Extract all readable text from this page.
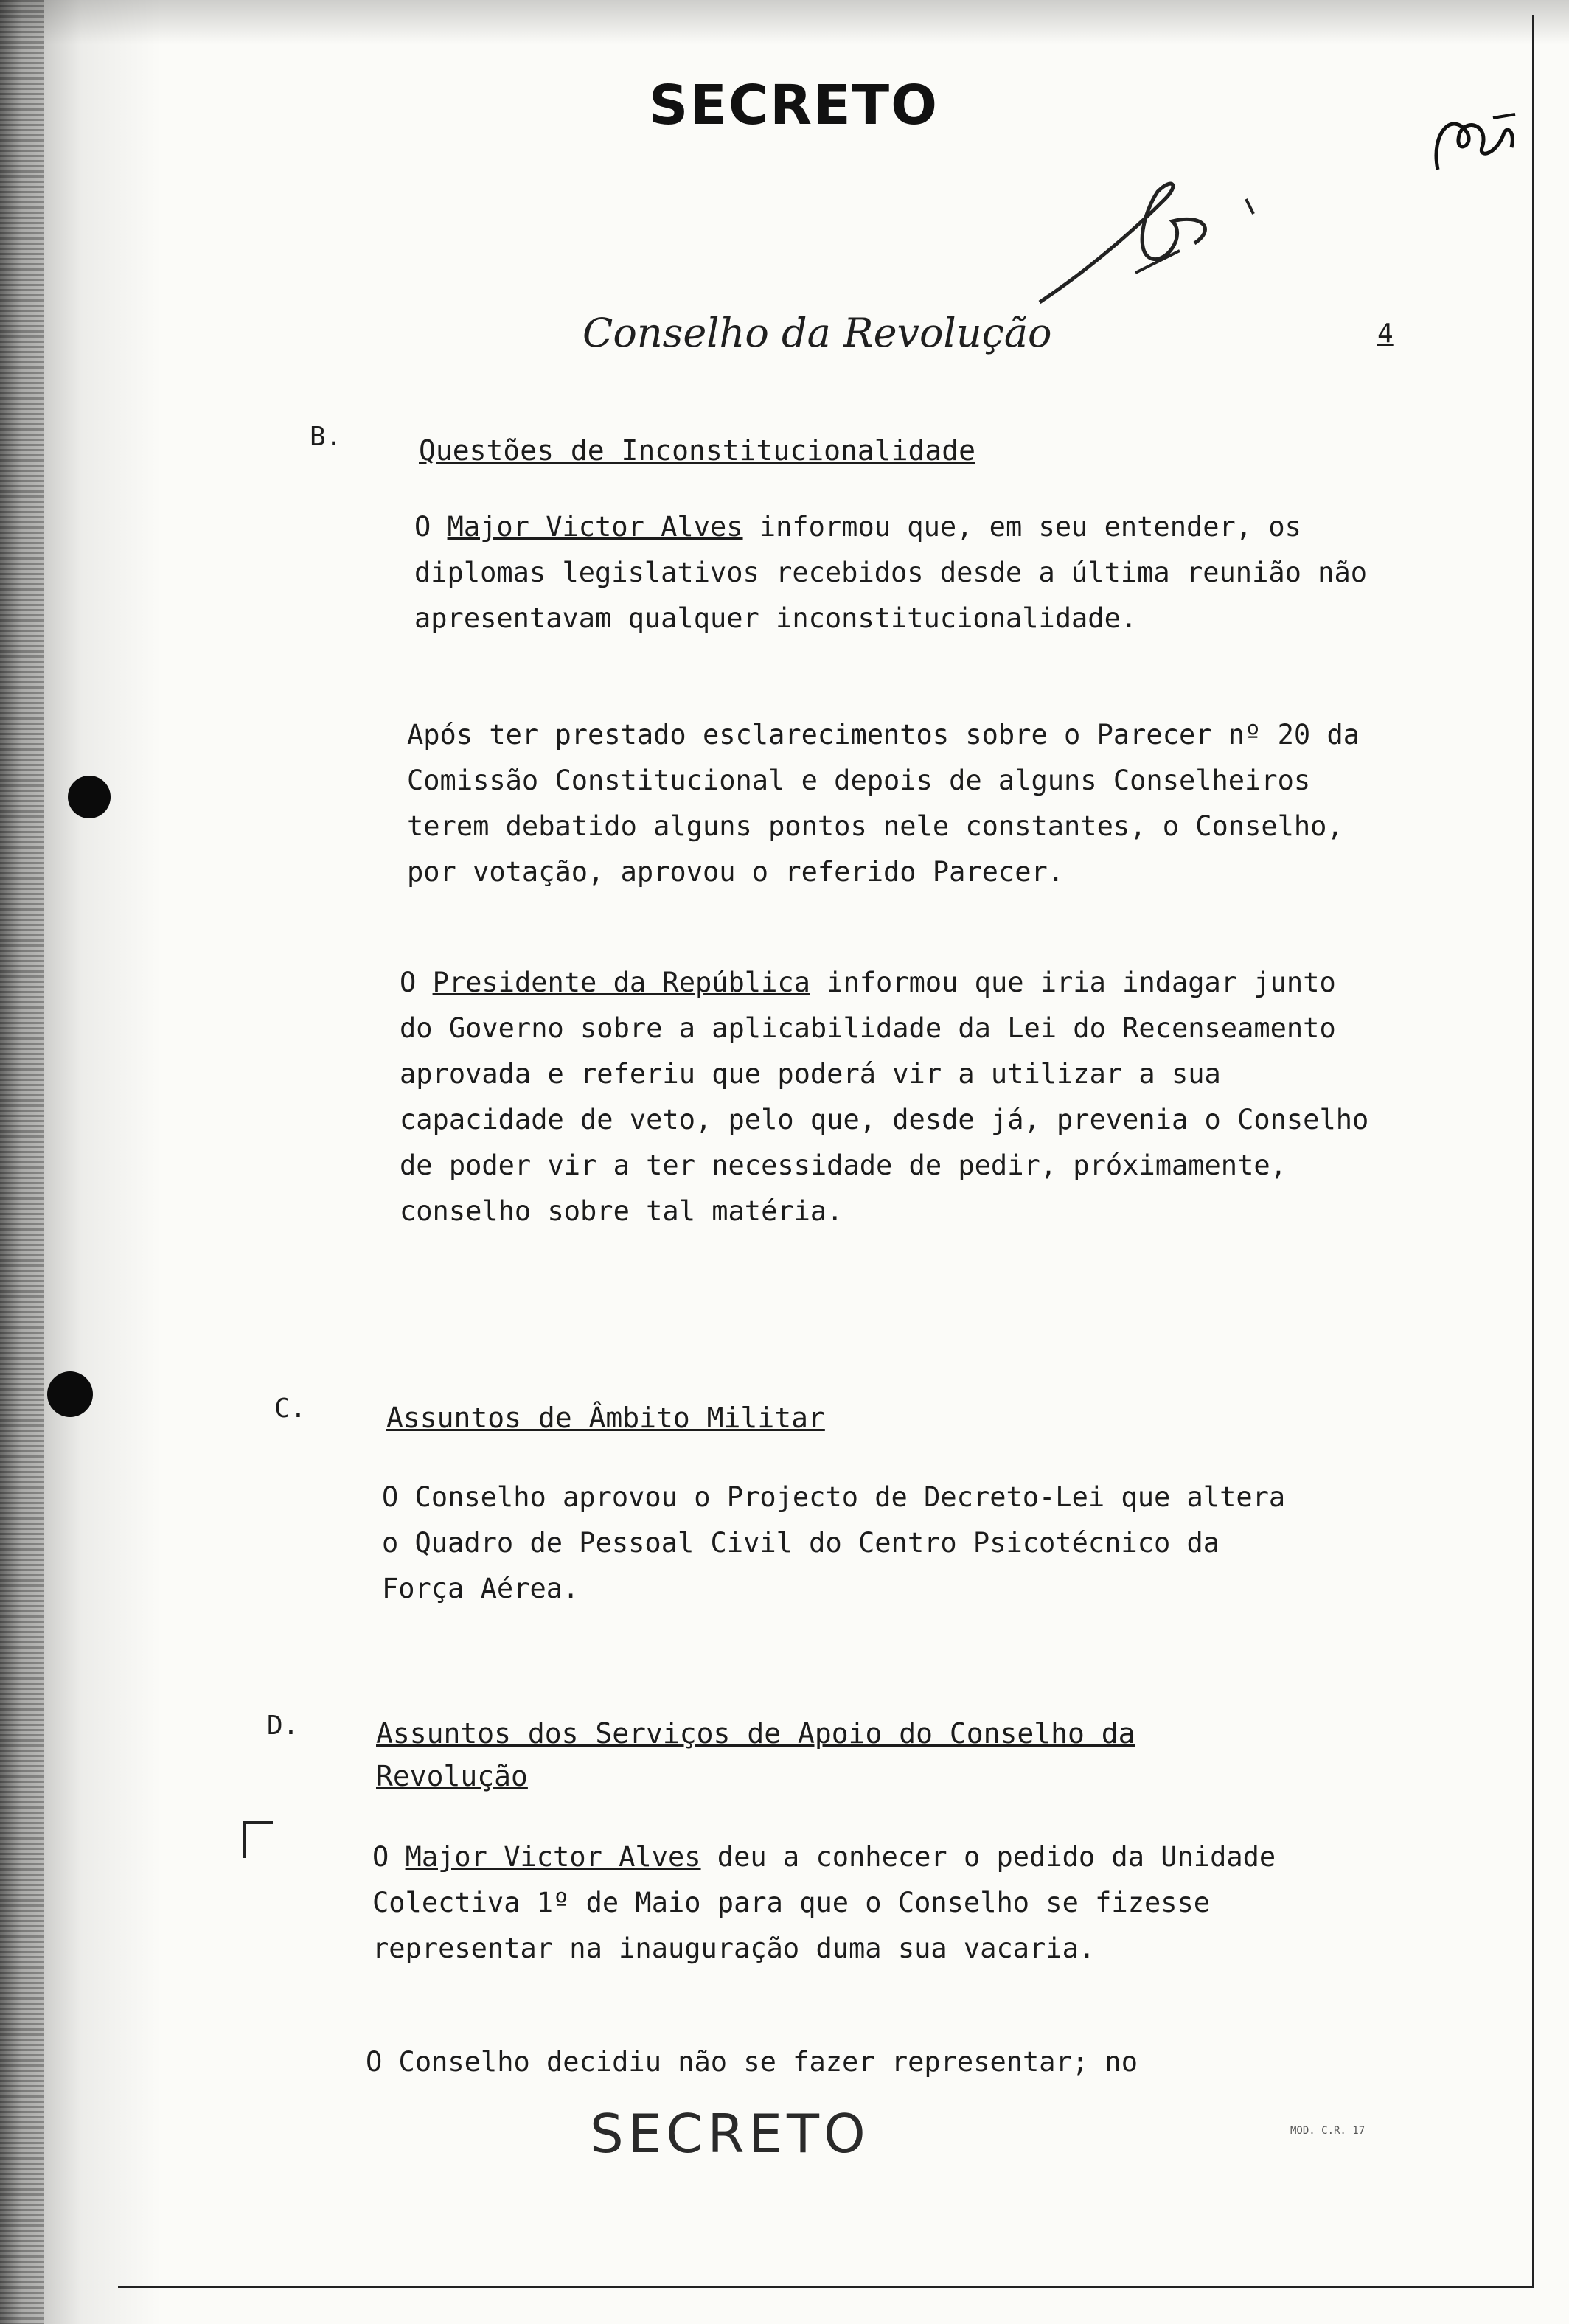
SECRETO
Conselho da Revolução	4
B.	Questões de Inconstitucionalidade

O Major Victor Alves informou que, em seu entender, os diplomas legislativos recebidos desde a última reunião não apresentavam qualquer inconstitucionalidade.

Após ter prestado esclarecimentos sobre o Parecer nº 20 da Comissão Constitucional e depois de alguns Conselheiros terem debatido alguns pontos nele constantes, o Conselho, por votação, aprovou o referido Parecer.

O Presidente da República informou que iria indagar junto do Governo sobre a aplicabilidade da Lei do Recenseamento aprovada e referiu que poderá vir a utilizar a sua capacidade de veto, pelo que, desde já, prevenia o Conselho de poder vir a ter necessidade de pedir, próximamente, conselho sobre tal matéria.

C.	Assuntos de Âmbito Militar

O Conselho aprovou o Projecto de Decreto-Lei que altera o Quadro de Pessoal Civil do Centro Psicotécnico da Força Aérea.

D.	Assuntos dos Serviços de Apoio do Conselho da Revolução

O Major Victor Alves deu a conhecer o pedido da Unidade Colectiva 1º de Maio para que o Conselho se fizesse representar na inauguração duma sua vacaria.

O Conselho decidiu não se fazer representar; no

SECRETO	MOD. C.R. 17
